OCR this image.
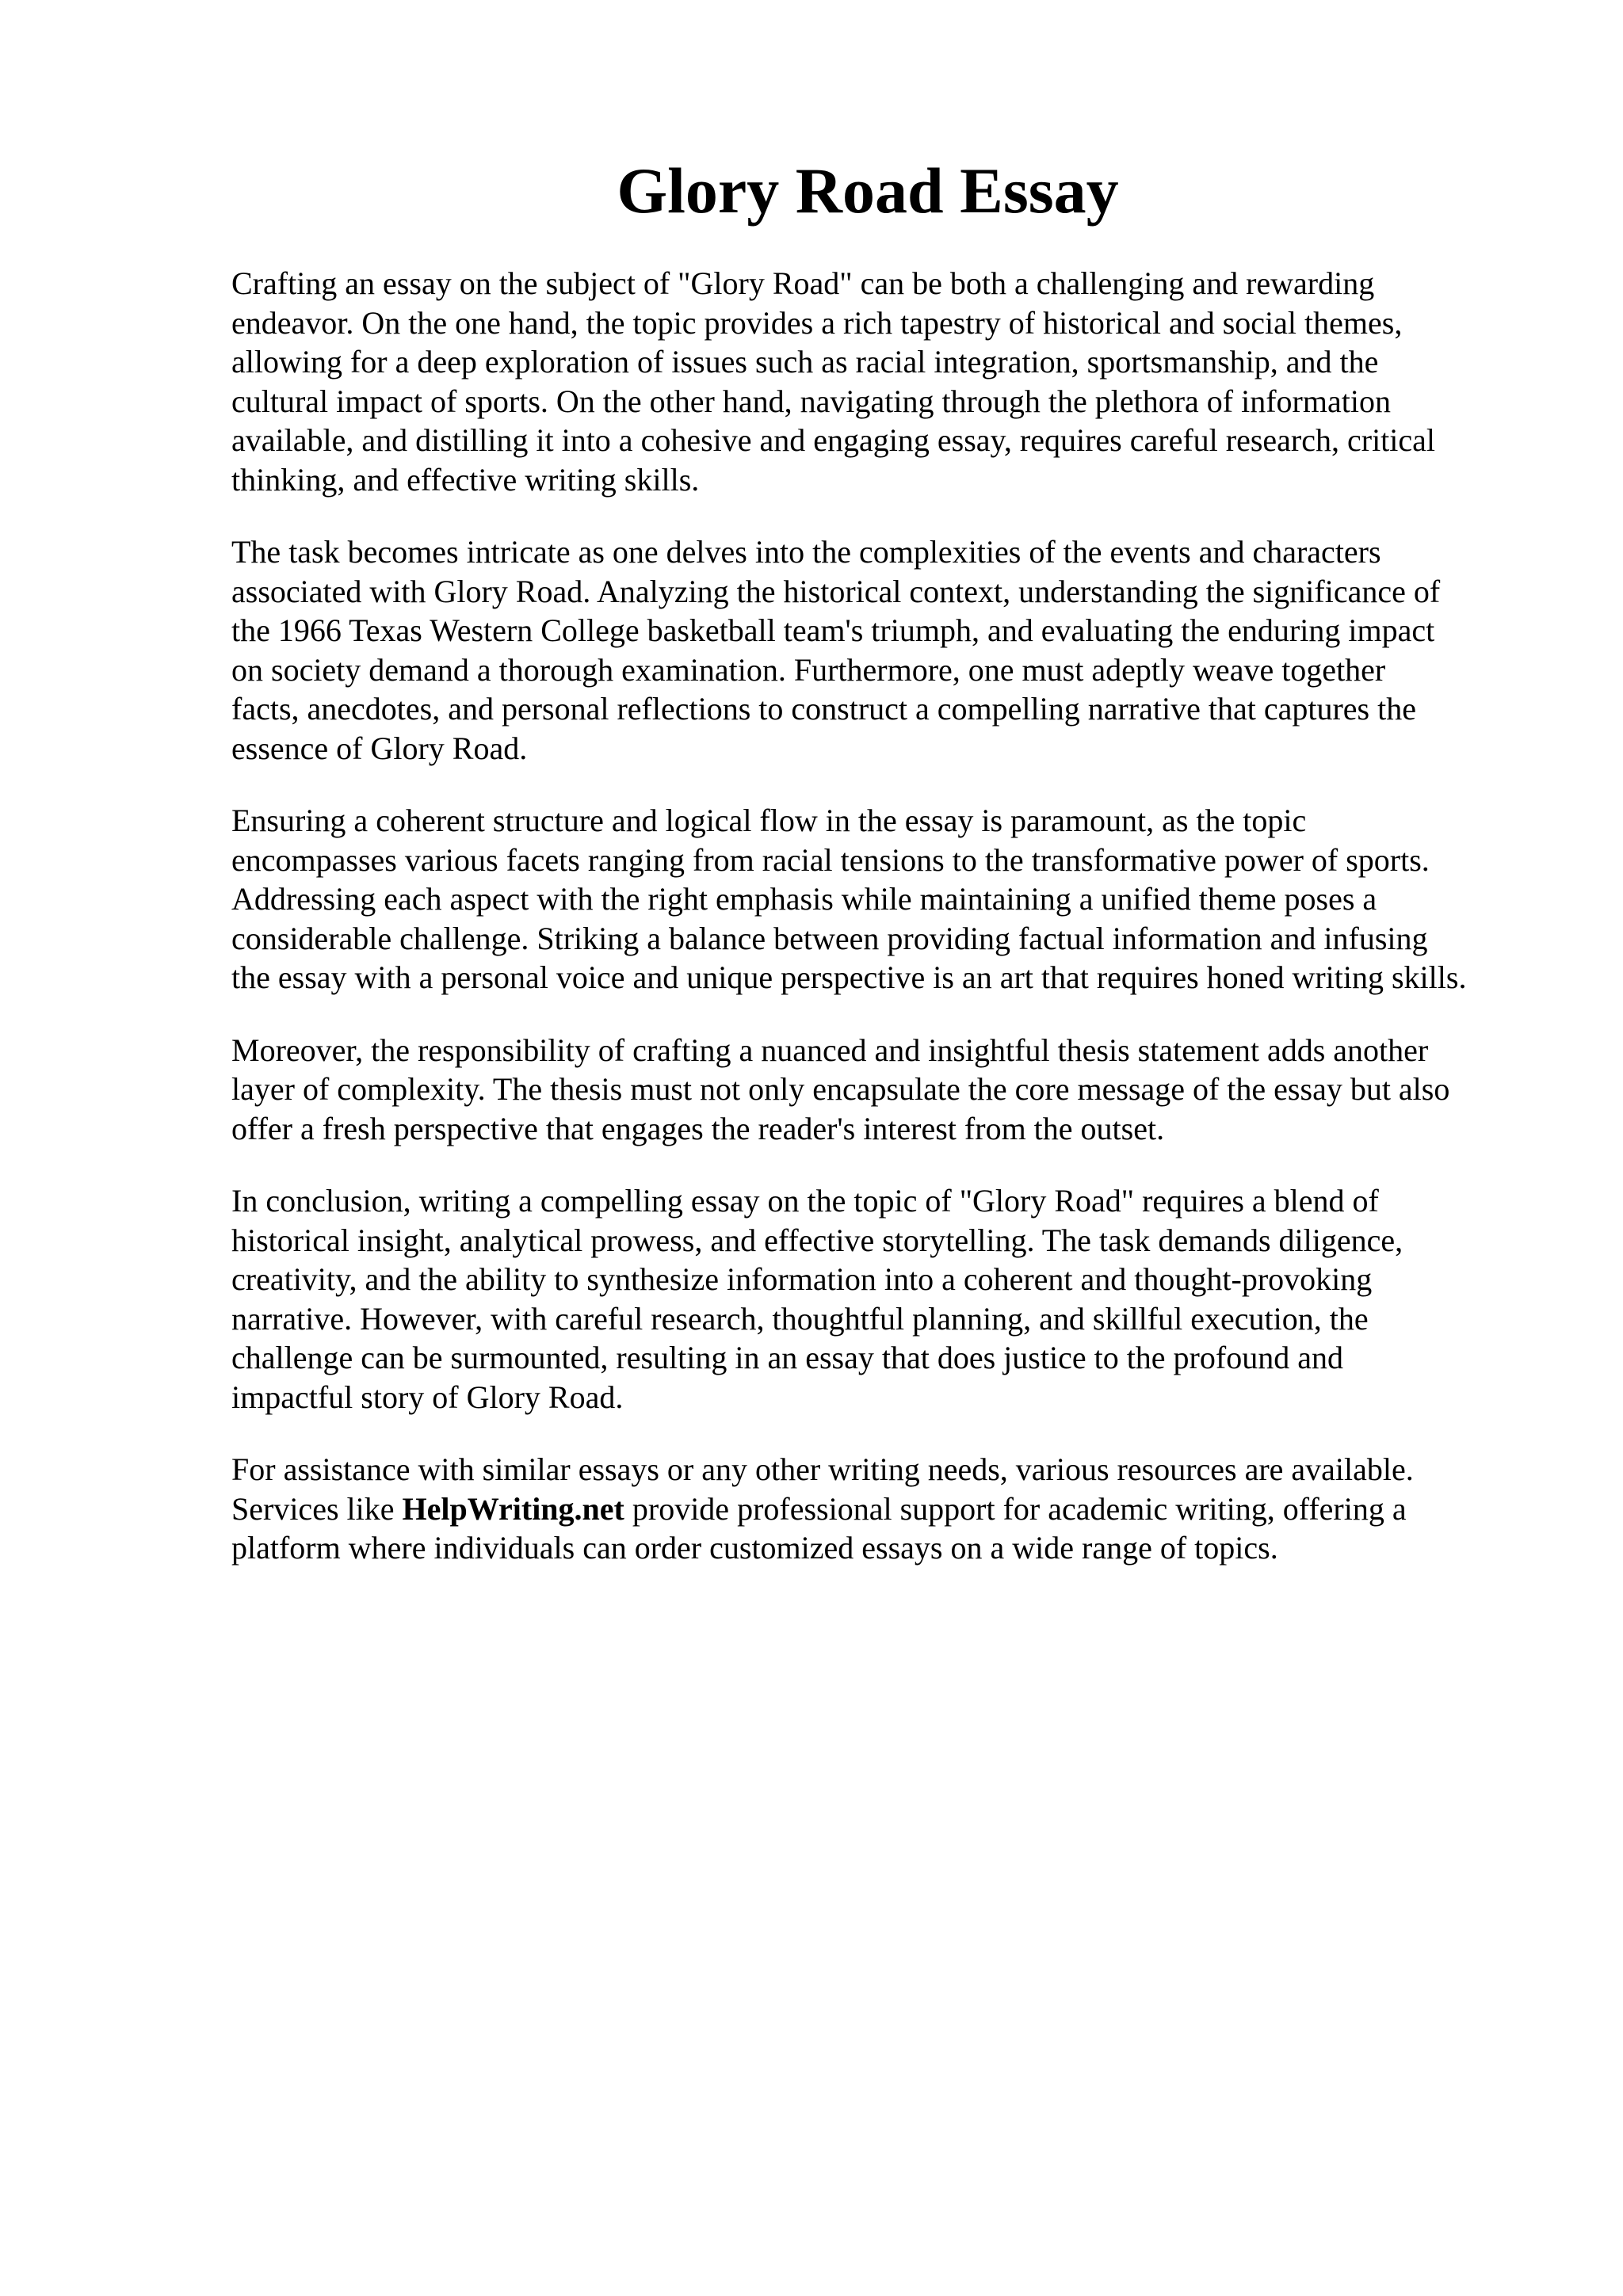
Glory Road Essay

Crafting an essay on the subject of "Glory Road" can be both a challenging and rewarding
endeavor. On the one hand, the topic provides a rich tapestry of historical and social themes,
allowing for a deep exploration of issues such as racial integration, sportsmanship, and the
cultural impact of sports. On the other hand, navigating through the plethora of information
available, and distilling it into a cohesive and engaging essay, requires careful research, critical
thinking, and effective writing skills.

The task becomes intricate as one delves into the complexities of the events and characters
associated with Glory Road. Analyzing the historical context, understanding the significance of
the 1966 Texas Western College basketball team's triumph, and evaluating the enduring impact
on society demand a thorough examination. Furthermore, one must adeptly weave together
facts, anecdotes, and personal reflections to construct a compelling narrative that captures the
essence of Glory Road.

Ensuring a coherent structure and logical flow in the essay is paramount, as the topic
encompasses various facets ranging from racial tensions to the transformative power of sports.
Addressing each aspect with the right emphasis while maintaining a unified theme poses a
considerable challenge. Striking a balance between providing factual information and infusing
the essay with a personal voice and unique perspective is an art that requires honed writing skills.

Moreover, the responsibility of crafting a nuanced and insightful thesis statement adds another
layer of complexity. The thesis must not only encapsulate the core message of the essay but also
offer a fresh perspective that engages the reader's interest from the outset.

In conclusion, writing a compelling essay on the topic of "Glory Road" requires a blend of
historical insight, analytical prowess, and effective storytelling. The task demands diligence,
creativity, and the ability to synthesize information into a coherent and thought-provoking
narrative. However, with careful research, thoughtful planning, and skillful execution, the
challenge can be surmounted, resulting in an essay that does justice to the profound and
impactful story of Glory Road.

For assistance with similar essays or any other writing needs, various resources are available.
Services like HelpWriting.net provide professional support for academic writing, offering a
platform where individuals can order customized essays on a wide range of topics.
